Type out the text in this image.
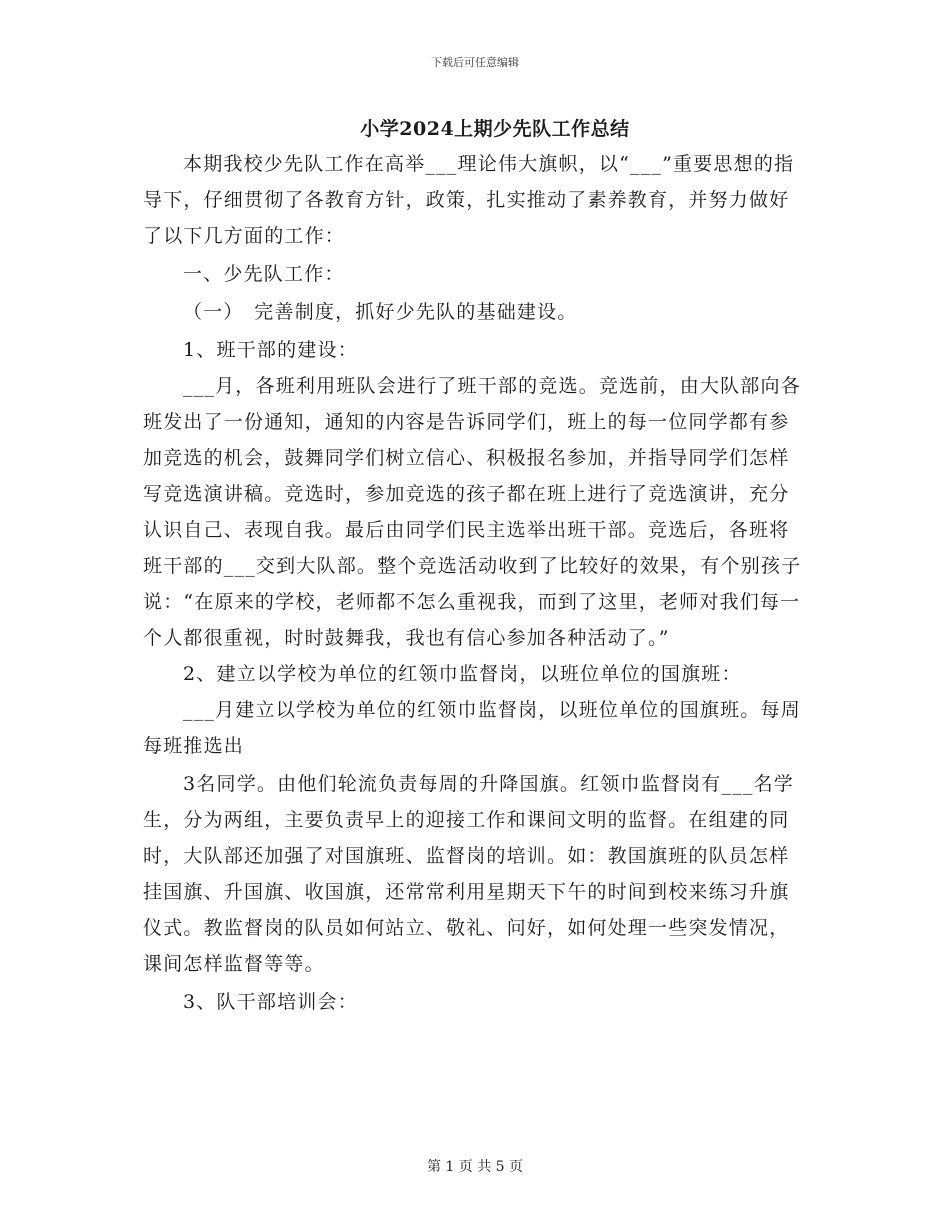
下载后可任意编辑
小学2024上期少先队工作总结

本期我校少先队工作在高举___理论伟大旗帜，以“___”重要思想的指导下，仔细贯彻了各教育方针，政策，扎实推动了素养教育，并努力做好了以下几方面的工作：

一、少先队工作：

（一）　完善制度，抓好少先队的基础建设。

1、班干部的建设：

___月，各班利用班队会进行了班干部的竞选。竞选前，由大队部向各班发出了一份通知，通知的内容是告诉同学们，班上的每一位同学都有参加竞选的机会，鼓舞同学们树立信心、积极报名参加，并指导同学们怎样写竞选演讲稿。竞选时，参加竞选的孩子都在班上进行了竞选演讲，充分认识自己、表现自我。最后由同学们民主选举出班干部。竞选后，各班将班干部的___交到大队部。整个竞选活动收到了比较好的效果，有个别孩子说：“在原来的学校，老师都不怎么重视我，而到了这里，老师对我们每一个人都很重视，时时鼓舞我，我也有信心参加各种活动了。”

2、建立以学校为单位的红领巾监督岗，以班位单位的国旗班：

___月建立以学校为单位的红领巾监督岗，以班位单位的国旗班。每周每班推选出

3名同学。由他们轮流负责每周的升降国旗。红领巾监督岗有___名学生，分为两组，主要负责早上的迎接工作和课间文明的监督。在组建的同时，大队部还加强了对国旗班、监督岗的培训。如：教国旗班的队员怎样挂国旗、升国旗、收国旗，还常常利用星期天下午的时间到校来练习升旗仪式。教监督岗的队员如何站立、敬礼、问好，如何处理一些突发情况，课间怎样监督等等。

3、队干部培训会：

第 1 页 共 5 页
